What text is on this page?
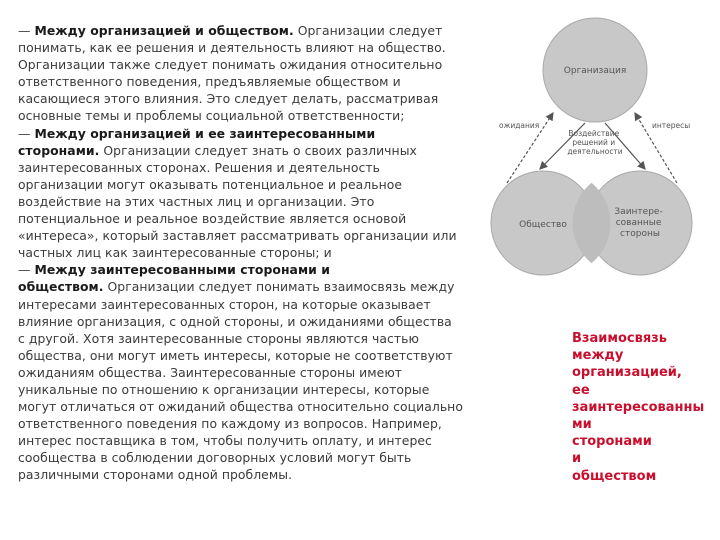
— Между организацией и обществом. Организации следует
понимать, как ее решения и деятельность влияют на общество.
Организации также следует понимать ожидания относительно
ответственного поведения, предъявляемые обществом и
касающиеся этого влияния. Это следует делать, рассматривая
основные темы и проблемы социальной ответственности;
— Между организацией и ее заинтересованными
сторонами. Организации следует знать о своих различных
заинтересованных сторонах. Решения и деятельность
организации могут оказывать потенциальное и реальное
воздействие на этих частных лиц и организации. Это
потенциальное и реальное воздействие является основой
«интереса», который заставляет рассматривать организации или
частных лиц как заинтересованные стороны; и
— Между заинтересованными сторонами и
обществом. Организации следует понимать взаимосвязь между
интересами заинтересованных сторон, на которые оказывает
влияние организация, с одной стороны, и ожиданиями общества
с другой. Хотя заинтересованные стороны являются частью
общества, они могут иметь интересы, которые не соответствуют
ожиданиям общества. Заинтересованные стороны имеют
уникальные по отношению к организации интересы, которые
могут отличаться от ожиданий общества относительно социально
ответственного поведения по каждому из вопросов. Например,
интерес поставщика в том, чтобы получить оплату, и интерес
сообщества в соблюдении договорных условий могут быть
различными сторонами одной проблемы.
Организация
Общество
Заинтере- сованные стороны
ожидания	интересы
Воздействие решений и деятельности
Взаимосвязь
между
организацией,
ее
заинтересованны
ми
сторонами
и
обществом
